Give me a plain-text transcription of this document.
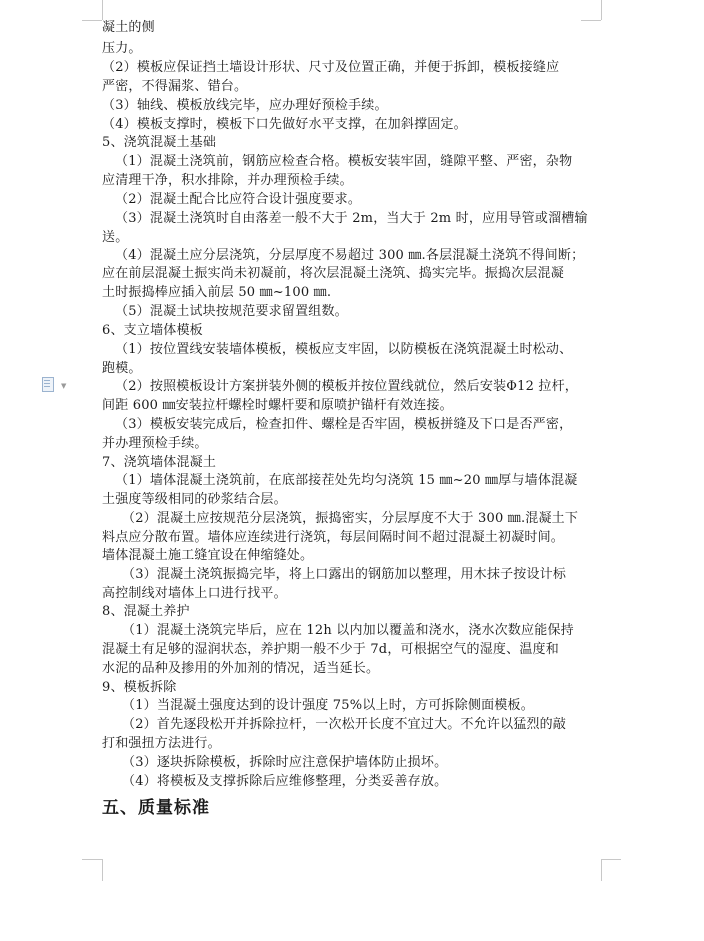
▼
凝土的侧
压力。
（2）模板应保证挡土墙设计形状、尺寸及位置正确，并便于拆卸，模板接缝应
严密，不得漏浆、错台。
（3）轴线、模板放线完毕，应办理好预检手续。
（4）模板支撑时，模板下口先做好水平支撑，在加斜撑固定。
5、浇筑混凝土基础
（1）混凝土浇筑前，钢筋应检查合格。模板安装牢固，缝隙平整、严密，杂物
应清理干净，积水排除，并办理预检手续。
（2）混凝土配合比应符合设计强度要求。
（3）混凝土浇筑时自由落差一般不大于 2m，当大于 2m 时，应用导管或溜槽输
送。
（4）混凝土应分层浇筑，分层厚度不易超过 300 ㎜.各层混凝土浇筑不得间断；
应在前层混凝土振实尚未初凝前，将次层混凝土浇筑、捣实完毕。振捣次层混凝
土时振捣棒应插入前层 50 ㎜~100 ㎜.
（5）混凝土试块按规范要求留置组数。
6、支立墙体模板
（1）按位置线安装墙体模板，模板应支牢固，以防模板在浇筑混凝土时松动、
跑模。
（2）按照模板设计方案拼装外侧的模板并按位置线就位，然后安装Φ12 拉杆，
间距 600 ㎜安装拉杆螺栓时螺杆要和原喷护锚杆有效连接。
（3）模板安装完成后，检查扣件、螺栓是否牢固，模板拼缝及下口是否严密，
并办理预检手续。
7、浇筑墙体混凝土
（1）墙体混凝土浇筑前，在底部接茬处先均匀浇筑 15 ㎜~20 ㎜厚与墙体混凝
土强度等级相同的砂浆结合层。
（2）混凝土应按规范分层浇筑，振捣密实，分层厚度不大于 300 ㎜.混凝土下
料点应分散布置。墙体应连续进行浇筑，每层间隔时间不超过混凝土初凝时间。
墙体混凝土施工缝宜设在伸缩缝处。
（3）混凝土浇筑振捣完毕，将上口露出的钢筋加以整理，用木抹子按设计标
高控制线对墙体上口进行找平。
8、混凝土养护
（1）混凝土浇筑完毕后，应在 12h 以内加以覆盖和浇水，浇水次数应能保持
混凝土有足够的湿润状态，养护期一般不少于 7d，可根据空气的湿度、温度和
水泥的品种及掺用的外加剂的情况，适当延长。
9、模板拆除
（1）当混凝土强度达到的设计强度 75%以上时，方可拆除侧面模板。
（2）首先逐段松开并拆除拉杆，一次松开长度不宜过大。不允许以猛烈的敲
打和强扭方法进行。
（3）逐块拆除模板，拆除时应注意保护墙体防止损坏。
（4）将模板及支撑拆除后应维修整理，分类妥善存放。
五、质量标准
